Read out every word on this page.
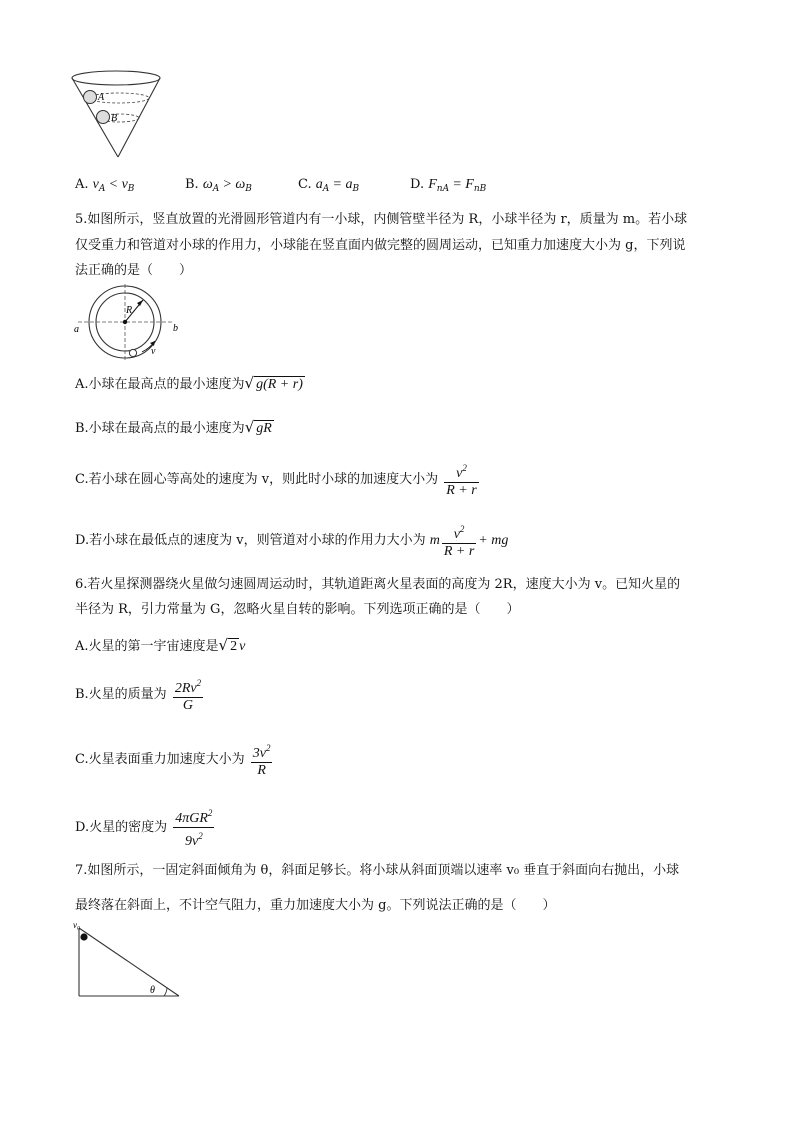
A
B
A. $v_A < v_B$	B. $\omega_A > \omega_B$	C. $a_A = a_B$	D. $F_{nA} = F_{nB}$
5.如图所示，竖直放置的光滑圆形管道内有一小球，内侧管壁半径为 R，小球半径为 r，质量为 m。若小球
仅受重力和管道对小球的作用力，小球能在竖直面内做完整的圆周运动，已知重力加速度大小为 g，下列说
法正确的是（　　）
R
a	b
v
A.小球在最高点的最小速度为√ g(R + r)
B.小球在最高点的最小速度为√ gR
C.若小球在圆心等高处的速度为 v，则此时小球的加速度大小为 $\frac{v^2}{R + r}$
D.若小球在最低点的速度为 v，则管道对小球的作用力大小为 m $\frac{v^2}{R + r}$ + mg
6.若火星探测器绕火星做匀速圆周运动时，其轨道距离火星表面的高度为 2R，速度大小为 v。已知火星的
半径为 R，引力常量为 G，忽略火星自转的影响。下列选项正确的是（　　）
A.火星的第一宇宙速度是√ 2 v
B.火星的质量为 $\frac{2Rv^2}{G}$
C.火星表面重力加速度大小为 $\frac{3v^2}{R}$
D.火星的密度为 $\frac{4\pi GR^2}{9v^2}$
7.如图所示，一固定斜面倾角为 θ，斜面足够长。将小球从斜面顶端以速率 v₀ 垂直于斜面向右抛出，小球
最终落在斜面上，不计空气阻力，重力加速度大小为 g。下列说法正确的是（　　）
v₀
θ
